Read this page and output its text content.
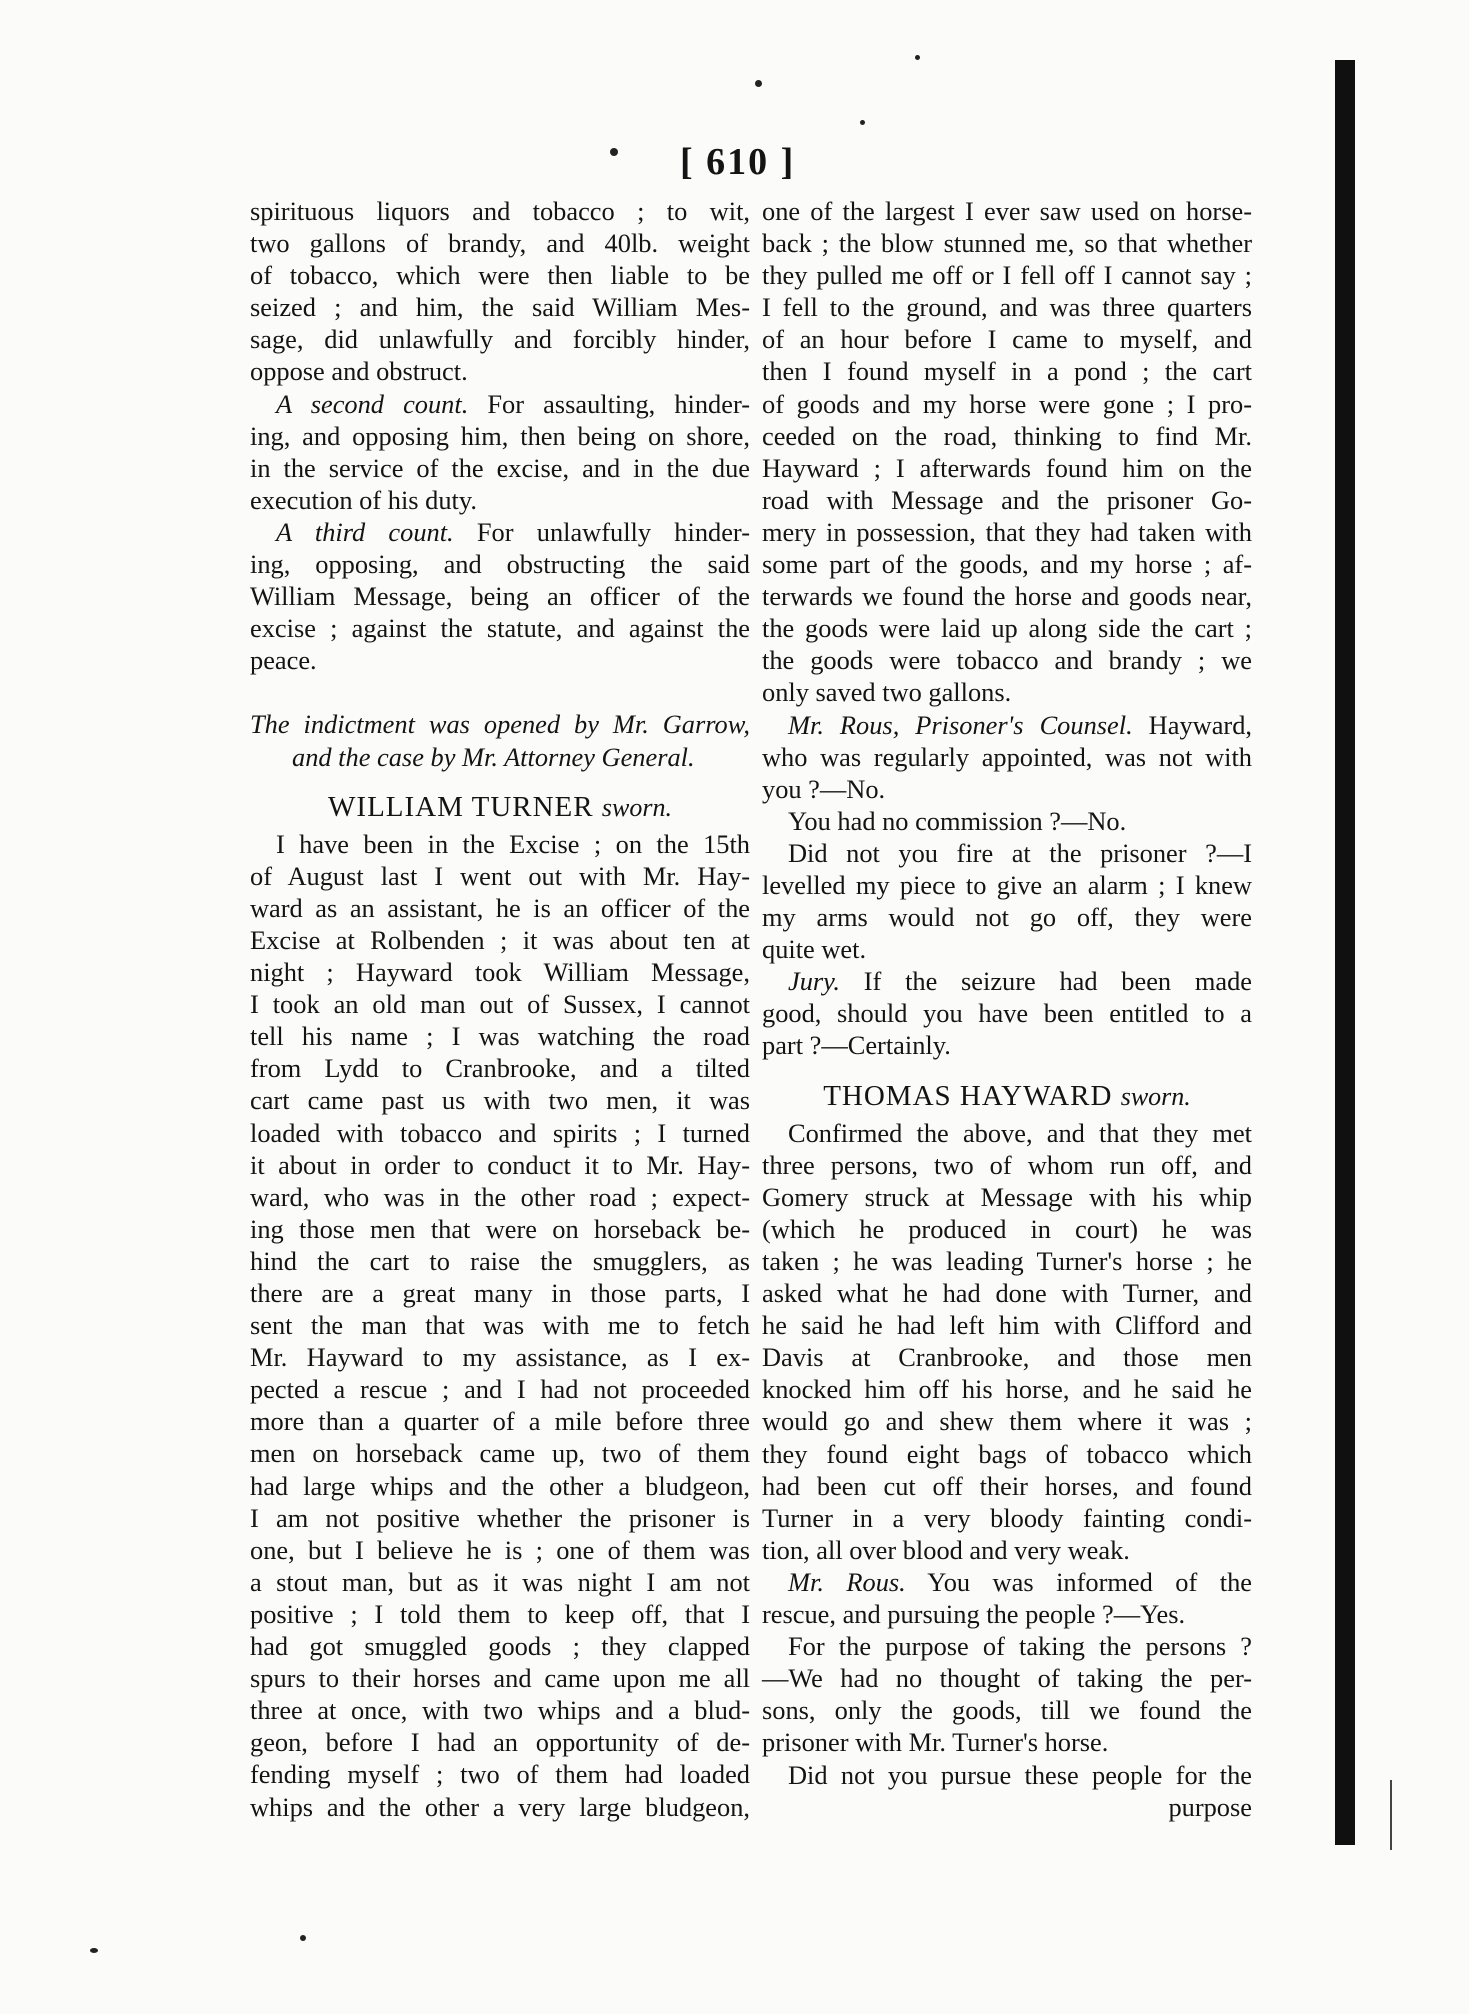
[ 610 ]
spirituous liquors and tobacco ; to wit,
two gallons of brandy, and 40lb. weight
of tobacco, which were then liable to be
seized ; and him, the said William Mes-
sage, did unlawfully and forcibly hinder,
oppose and obstruct.
A second count. For assaulting, hinder-
ing, and opposing him, then being on shore,
in the service of the excise, and in the due
execution of his duty.
A third count. For unlawfully hinder-
ing, opposing, and obstructing the said
William Message, being an officer of the
excise ; against the statute, and against the
peace.
The indictment was opened by Mr. Garrow,
and the case by Mr. Attorney General.
WILLIAM TURNER sworn.
I have been in the Excise ; on the 15th
of August last I went out with Mr. Hay-
ward as an assistant, he is an officer of the
Excise at Rolbenden ; it was about ten at
night ; Hayward took William Message,
I took an old man out of Sussex, I cannot
tell his name ; I was watching the road
from Lydd to Cranbrooke, and a tilted
cart came past us with two men, it was
loaded with tobacco and spirits ; I turned
it about in order to conduct it to Mr. Hay-
ward, who was in the other road ; expect-
ing those men that were on horseback be-
hind the cart to raise the smugglers, as
there are a great many in those parts, I
sent the man that was with me to fetch
Mr. Hayward to my assistance, as I ex-
pected a rescue ; and I had not proceeded
more than a quarter of a mile before three
men on horseback came up, two of them
had large whips and the other a bludgeon,
I am not positive whether the prisoner is
one, but I believe he is ; one of them was
a stout man, but as it was night I am not
positive ; I told them to keep off, that I
had got smuggled goods ; they clapped
spurs to their horses and came upon me all
three at once, with two whips and a blud-
geon, before I had an opportunity of de-
fending myself ; two of them had loaded
whips and the other a very large bludgeon,
one of the largest I ever saw used on horse-
back ; the blow stunned me, so that whether
they pulled me off or I fell off I cannot say ;
I fell to the ground, and was three quarters
of an hour before I came to myself, and
then I found myself in a pond ; the cart
of goods and my horse were gone ; I pro-
ceeded on the road, thinking to find Mr.
Hayward ; I afterwards found him on the
road with Message and the prisoner Go-
mery in possession, that they had taken with
some part of the goods, and my horse ; af-
terwards we found the horse and goods near,
the goods were laid up along side the cart ;
the goods were tobacco and brandy ; we
only saved two gallons.
Mr. Rous, Prisoner's Counsel. Hayward,
who was regularly appointed, was not with
you ?—No.
You had no commission ?—No.
Did not you fire at the prisoner ?—I
levelled my piece to give an alarm ; I knew
my arms would not go off, they were
quite wet.
Jury. If the seizure had been made
good, should you have been entitled to a
part ?—Certainly.
THOMAS HAYWARD sworn.
Confirmed the above, and that they met
three persons, two of whom run off, and
Gomery struck at Message with his whip
(which he produced in court) he was
taken ; he was leading Turner's horse ; he
asked what he had done with Turner, and
he said he had left him with Clifford and
Davis at Cranbrooke, and those men
knocked him off his horse, and he said he
would go and shew them where it was ;
they found eight bags of tobacco which
had been cut off their horses, and found
Turner in a very bloody fainting condi-
tion, all over blood and very weak.
Mr. Rous. You was informed of the
rescue, and pursuing the people ?—Yes.
For the purpose of taking the persons ?
—We had no thought of taking the per-
sons, only the goods, till we found the
prisoner with Mr. Turner's horse.
Did not you pursue these people for the
purpose
